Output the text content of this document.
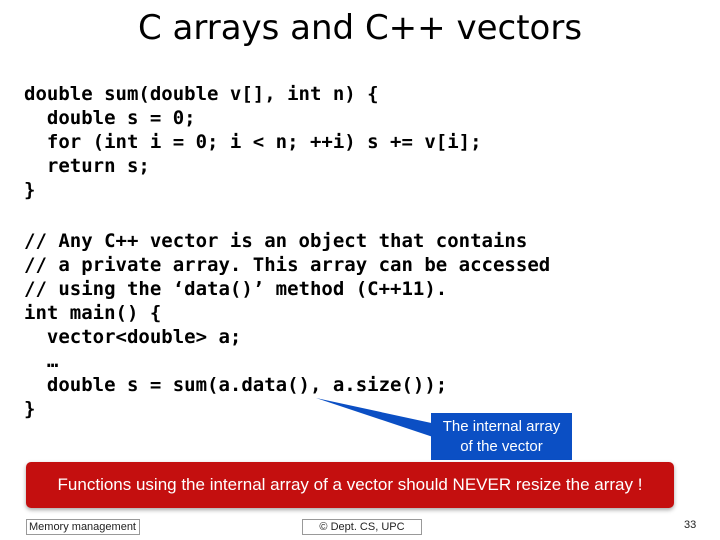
C arrays and C++ vectors
double sum(double v[], int n) {
double s = 0;
for (int i = 0; i < n; ++i) s += v[i];
return s;
}
// Any C++ vector is an object that contains
// a private array. This array can be accessed
// using the ‘data()’ method (C++11).
int main() {
vector<double> a;
…
double s = sum(a.data(), a.size());
}
The internal array
of the vector
Functions using the internal array of a vector should NEVER resize the array !
Memory management	© Dept. CS, UPC	33
